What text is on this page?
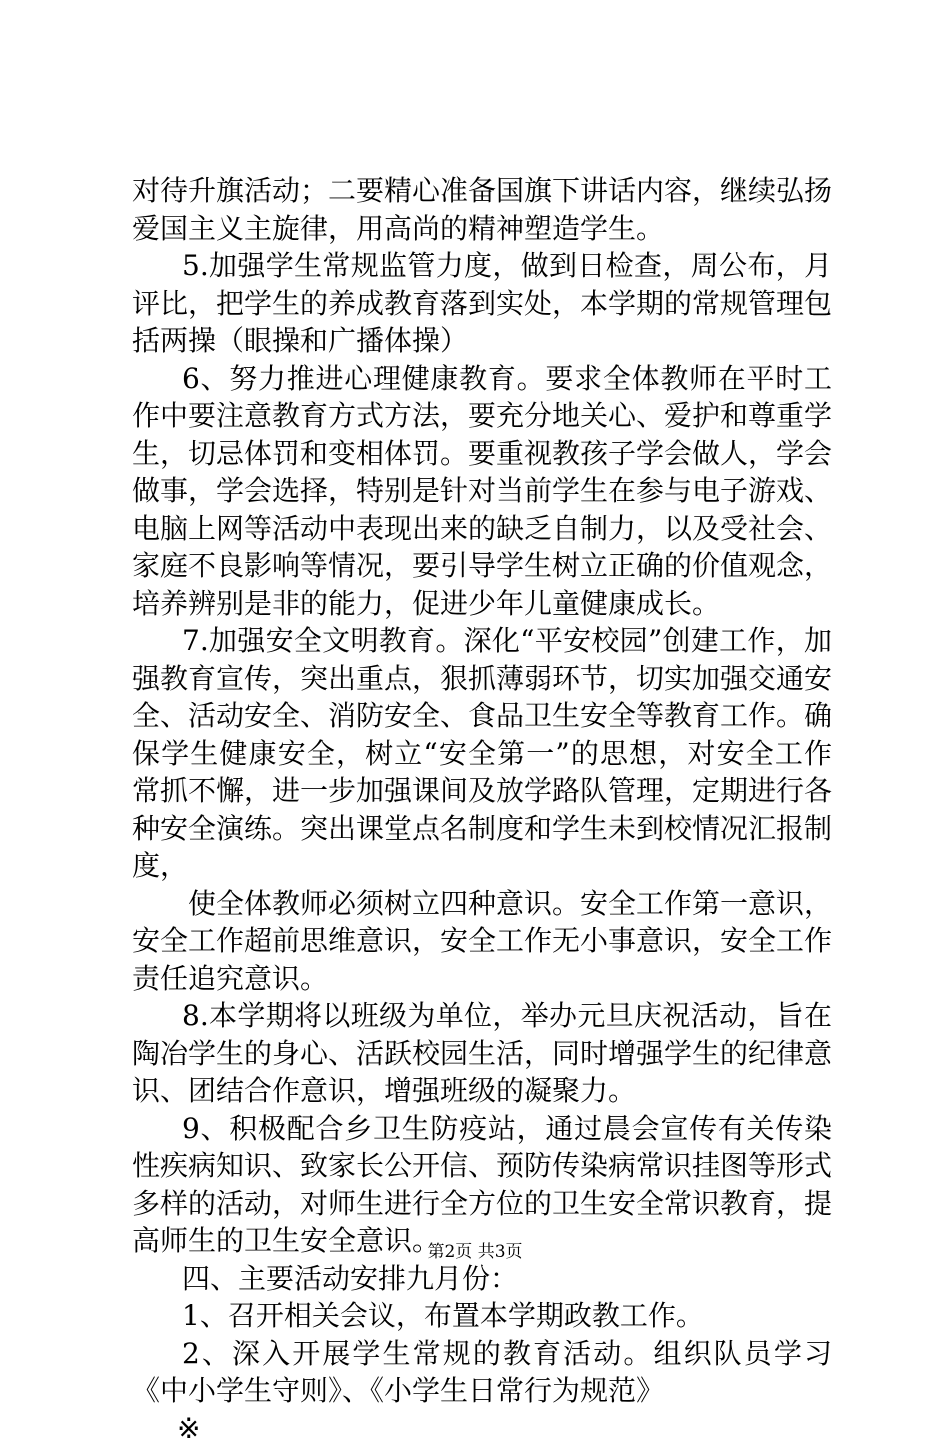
对待升旗活动；二要精心准备国旗下讲话内容，继续弘扬爱国主义主旋律，用高尚的精神塑造学生。

5.加强学生常规监管力度，做到日检查，周公布，月评比，把学生的养成教育落到实处，本学期的常规管理包括两操（眼操和广播体操）

6、努力推进心理健康教育。要求全体教师在平时工作中要注意教育方式方法，要充分地关心、爱护和尊重学生，切忌体罚和变相体罚。要重视教孩子学会做人，学会做事，学会选择，特别是针对当前学生在参与电子游戏、电脑上网等活动中表现出来的缺乏自制力，以及受社会、家庭不良影响等情况，要引导学生树立正确的价值观念，培养辨别是非的能力，促进少年儿童健康成长。

7.加强安全文明教育。深化“平安校园”创建工作，加强教育宣传，突出重点，狠抓薄弱环节，切实加强交通安全、活动安全、消防安全、食品卫生安全等教育工作。确保学生健康安全，树立“安全第一”的思想，对安全工作常抓不懈，进一步加强课间及放学路队管理，定期进行各种安全演练。突出课堂点名制度和学生未到校情况汇报制度，

使全体教师必须树立四种意识。安全工作第一意识，安全工作超前思维意识，安全工作无小事意识，安全工作责任追究意识。

8.本学期将以班级为单位，举办元旦庆祝活动，旨在陶冶学生的身心、活跃校园生活，同时增强学生的纪律意识、团结合作意识，增强班级的凝聚力。

9、积极配合乡卫生防疫站，通过晨会宣传有关传染性疾病知识、致家长公开信、预防传染病常识挂图等形式多样的活动，对师生进行全方位的卫生安全常识教育，提高师生的卫生安全意识。

四、主要活动安排九月份：

1、召开相关会议，布置本学期政教工作。

2、深入开展学生常规的教育活动。组织队员学习《中小学生守则》、《小学生日常行为规范》

※

第2页 共3页
